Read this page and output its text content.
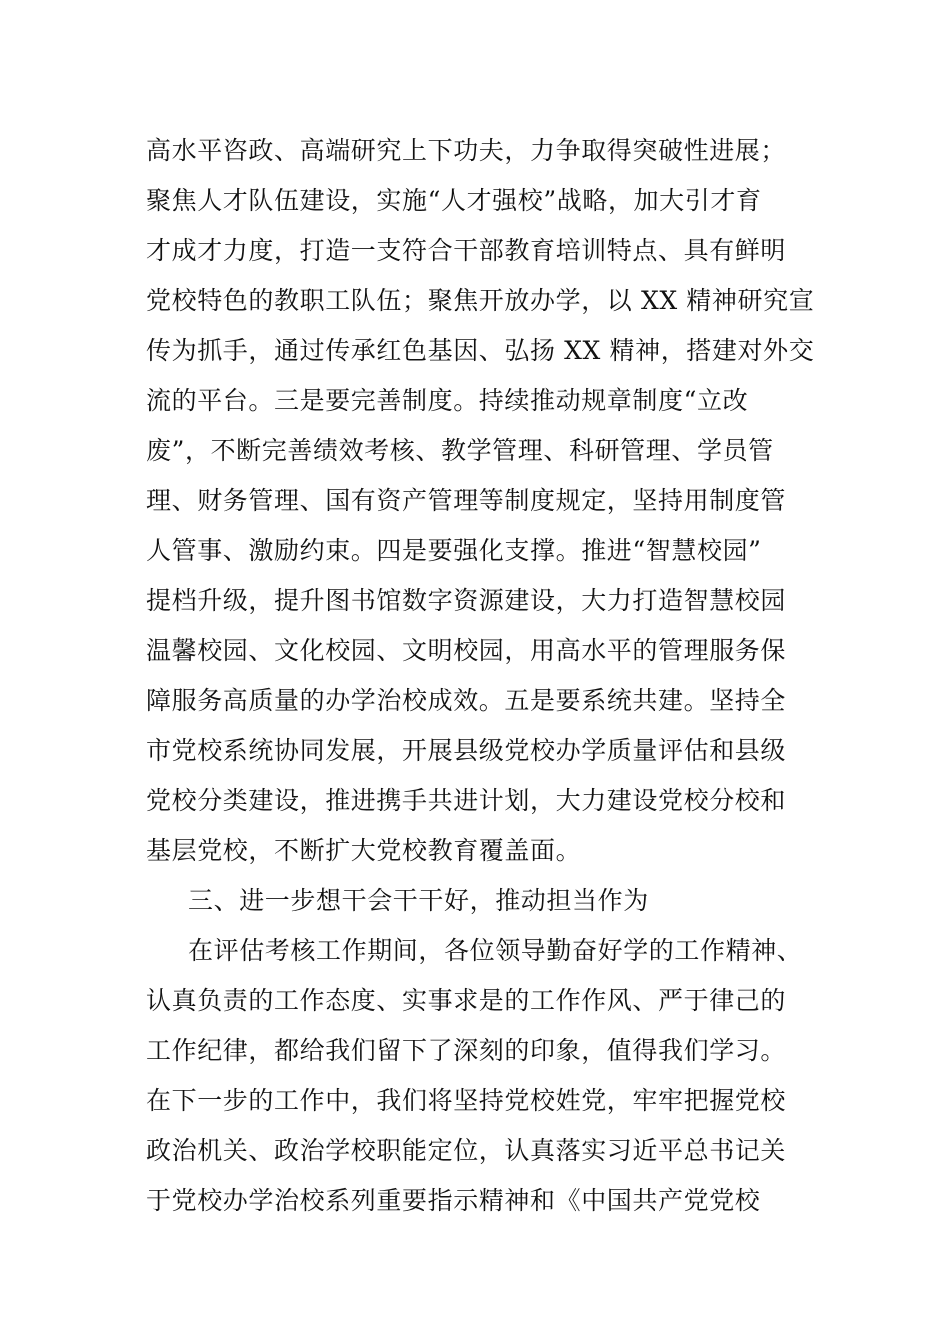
高水平咨政、高端研究上下功夫，力争取得突破性进展；
聚焦人才队伍建设，实施“人才强校”战略，加大引才育
才成才力度，打造一支符合干部教育培训特点、具有鲜明
党校特色的教职工队伍；聚焦开放办学，以 XX 精神研究宣
传为抓手，通过传承红色基因、弘扬 XX 精神，搭建对外交
流的平台。三是要完善制度。持续推动规章制度“立改
废”，不断完善绩效考核、教学管理、科研管理、学员管
理、财务管理、国有资产管理等制度规定，坚持用制度管
人管事、激励约束。四是要强化支撑。推进“智慧校园”
提档升级，提升图书馆数字资源建设，大力打造智慧校园
温馨校园、文化校园、文明校园，用高水平的管理服务保
障服务高质量的办学治校成效。五是要系统共建。坚持全
市党校系统协同发展，开展县级党校办学质量评估和县级
党校分类建设，推进携手共进计划，大力建设党校分校和
基层党校，不断扩大党校教育覆盖面。
三、进一步想干会干干好，推动担当作为
在评估考核工作期间，各位领导勤奋好学的工作精神、
认真负责的工作态度、实事求是的工作作风、严于律己的
工作纪律，都给我们留下了深刻的印象，值得我们学习。
在下一步的工作中，我们将坚持党校姓党，牢牢把握党校
政治机关、政治学校职能定位，认真落实习近平总书记关
于党校办学治校系列重要指示精神和《中国共产党党校
